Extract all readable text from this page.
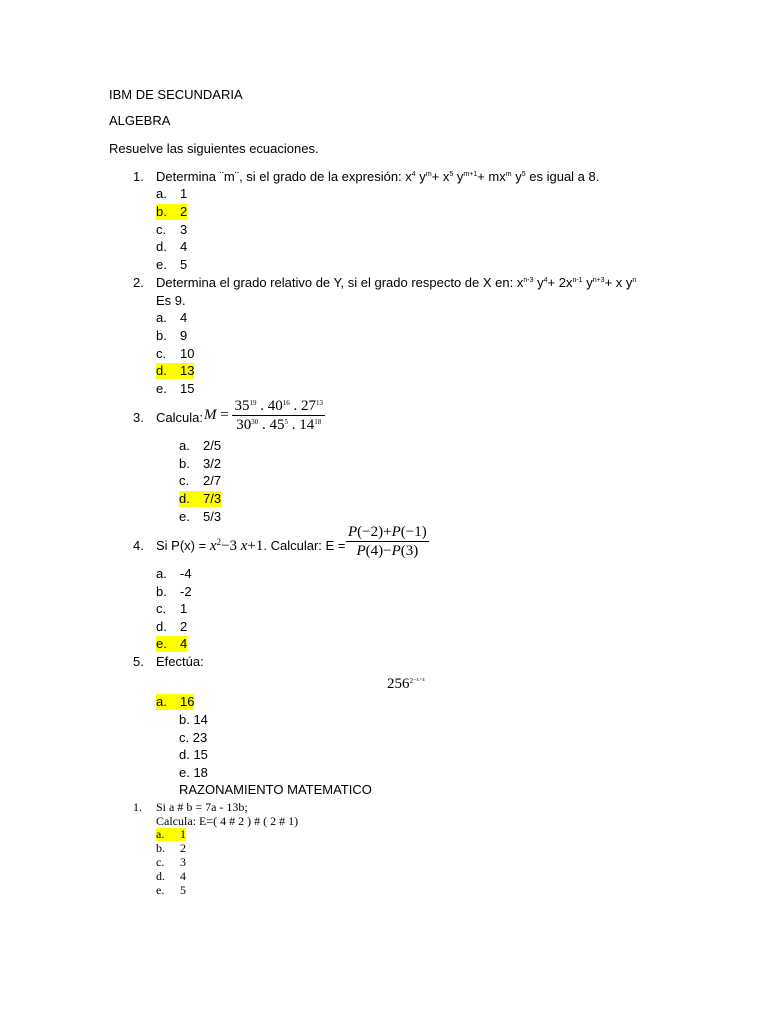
IBM DE SECUNDARIA
ALGEBRA
Resuelve las siguientes ecuaciones.
1. Determina ¨m¨, si el grado de la expresión: $x^4$ $y^m+ x^5$ $y^{m+1}+ mx^m$ $y^5$ es igual a 8.
a. 1
b. 2
c. 3
d. 4
e. 5
2. Determina el grado relativo de Y, si el grado respecto de X en: $x^{n-3}$ $y^4+ 2x^{n-1}$ $y^{n+3}+ x$ $y^n$
Es 9.
a. 4
b. 9
c. 10
d. 13
e. 15
3. Calcula: $M = \frac{35^{19} . 40^{16} . 27^{13}}{30^{30} . 45^5 . 14^{18}}$
a. 2/5
b. 3/2
c. 2/7
d. 7/3
e. 5/3
4. Si $P(x) = x^2-3$ x+1. Calcular: $E = \frac{P(-2)+P(-1)}{P(4)-P(3)}$
a. -4
b. -2
c. 1
d. 2
e. 4
5. Efectúa:
$256^{2^{-1}⸍^4}$
a. 16
b. 14
c. 23
d. 15
e. 18
RAZONAMIENTO MATEMATICO
1. Si a # b = 7a - 13b;
Calcula: E=( 4 # 2 ) # ( 2 # 1)
a. 1
b. 2
c. 3
d. 4
e. 5
